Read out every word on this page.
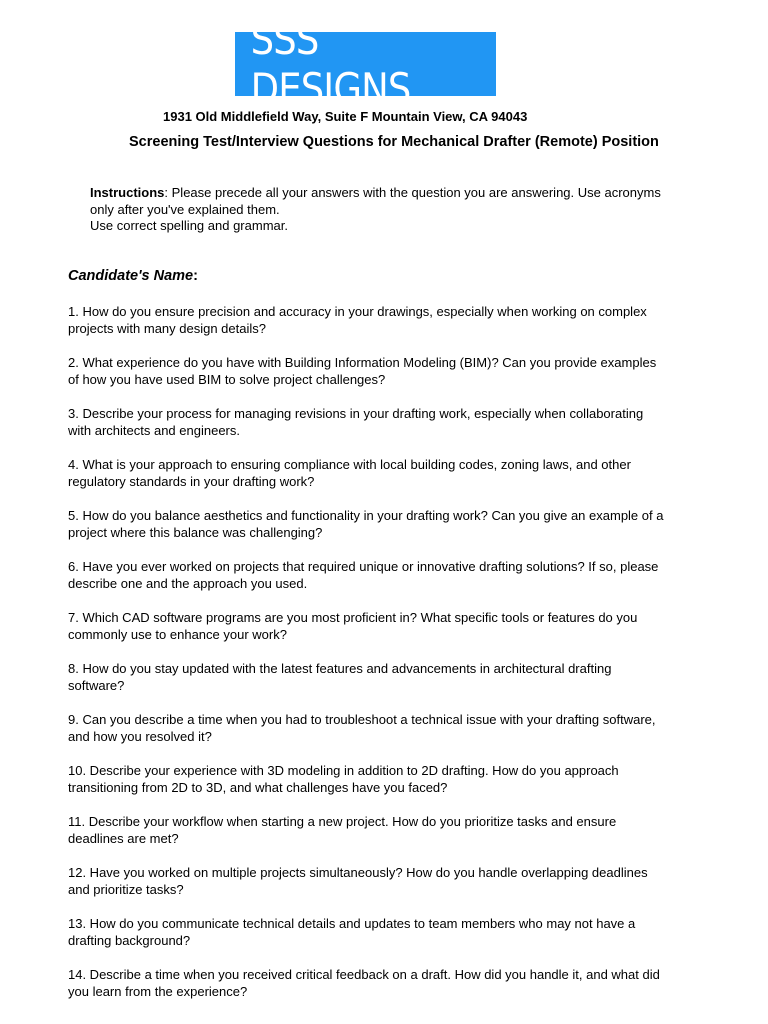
SSS DESIGNS
1931 Old Middlefield Way, Suite F Mountain View, CA 94043
Screening Test/Interview Questions for Mechanical Drafter (Remote) Position
Instructions: Please precede all your answers with the question you are answering. Use acronyms
only after you've explained them.
Use correct spelling and grammar.
Candidate's Name:
1. How do you ensure precision and accuracy in your drawings, especially when working on complex
projects with many design details?
2. What experience do you have with Building Information Modeling (BIM)? Can you provide examples
of how you have used BIM to solve project challenges?
3. Describe your process for managing revisions in your drafting work, especially when collaborating
with architects and engineers.
4. What is your approach to ensuring compliance with local building codes, zoning laws, and other
regulatory standards in your drafting work?
5. How do you balance aesthetics and functionality in your drafting work? Can you give an example of a
project where this balance was challenging?
6. Have you ever worked on projects that required unique or innovative drafting solutions? If so, please
describe one and the approach you used.
7. Which CAD software programs are you most proficient in? What specific tools or features do you
commonly use to enhance your work?
8. How do you stay updated with the latest features and advancements in architectural drafting
software?
9. Can you describe a time when you had to troubleshoot a technical issue with your drafting software,
and how you resolved it?
10. Describe your experience with 3D modeling in addition to 2D drafting. How do you approach
transitioning from 2D to 3D, and what challenges have you faced?
11. Describe your workflow when starting a new project. How do you prioritize tasks and ensure
deadlines are met?
12. Have you worked on multiple projects simultaneously? How do you handle overlapping deadlines
and prioritize tasks?
13. How do you communicate technical details and updates to team members who may not have a
drafting background?
14. Describe a time when you received critical feedback on a draft. How did you handle it, and what did
you learn from the experience?
